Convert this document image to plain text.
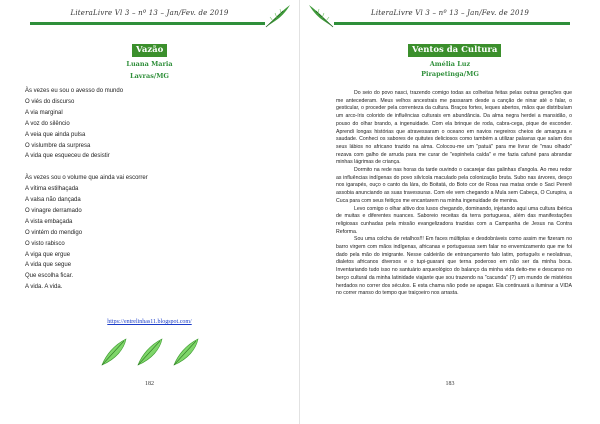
LiteraLivre Vl 3 – nº 13 – Jan/Fev. de 2019
Vazão
Luana Maria
Lavras/MG
Às vezes eu sou o avesso do mundo
O viés do discurso
A via marginal
A voz do silêncio
A veia que ainda pulsa
O vislumbre da surpresa
A vida que esqueceu de desistir
Às vezes sou o volume que ainda vai escorrer
A vítima estilhaçada
A valsa não dançada
O vinagre derramado
A vista embaçada
O vintém do mendigo
O visto rabisco
A viga que ergue
A vida que segue
Que escolha ficar.
A vida. A vida.
https://entrelinhas11.blogspot.com/
182
LiteraLivre Vl 3 – nº 13 – Jan/Fev. de 2019
Ventos da Cultura
Amélia Luz
Pirapetinga/MG

Do seio do povo nasci, trazendo comigo todas as colheitas feitas pelas outras gerações que me antecederam. Meus velhos ancestrais me passaram desde a canção de ninar até o falar, o gesticular, o proceder pela correnteza da cultura. Braços fortes, leques abertos, mãos que distribuíam um arco-íris colorido de influências culturais em abundância. Da alma negra herdei a mansidão, o pouso do olhar brando, a ingenuidade. Com ela brinque de roda, cabra-cega, pique de esconder. Aprendi longas histórias que atravessaram o oceano em navios negreiros cheios de amargura e saudade. Conheci os sabores de quitutes deliciosos como também a utilizar palavras que saíam dos seus lábios no africano trazido na alma. Colocou-me um "patuá" para me livrar de "mau olhado" rezava com galho de arruda para me curar de "espinhela caída" e me fazia cafuné para abrandar minhas lágrimas de criança.

Dormito na rede nas horas da tarde ouvindo o cacarejar das galinhas d'angola. Ao meu redor as influências indígenas do povo silvícola maculado pela colonização bruta. Subo nas árvores, desço nos igarapés, ouço o canto da Iára, do Boitatá, do Boto cor de Rosa nas matas onde o Saci Pererê assobia anunciando as suas travessuras. Com ele vem chegando a Mula sem Cabeça, O Curupira, a Cuca para com seus feitiços me encantarem na minha ingenuidade de menina.

Levo comigo o olhar altivo dos lusos chegando, dominando, injetando aqui uma cultura ibérica de muitas e diferentes nuances. Saboreio receitas da terra portuguesa, além das manifestações religiosas cunhadas pela missão evangelizadora trazidas com a Campanha de Jesus na Contra Reforma.

Sou uma colcha de retalhos!!! Em faces múltiplas e desdobráveis como assim me fizeram no barro virgem com mãos indígenas, africanas e portuguesas sem falar no envernizamento que me foi dado pela mão do imigrante. Nesse caldeirão de entrançamento falo latim, português e neolatinas, dialetos africanos diversos e o tupi-guarani que terna poderoso em não ser da minha boca. Inventariando tudo isso no santuário arqueológico do balanço da minha vida deito-me e descanso no berço cultural da minha latinidade viajante que sou trazendo na "cacunda" (?) um mundo de mistérios herdados no correr dos séculos. E esta chama não pode se apagar. Ela continuará a iluminar a VIDA no correr manso do tempo que traiçoeiro nos arrasta.

183
